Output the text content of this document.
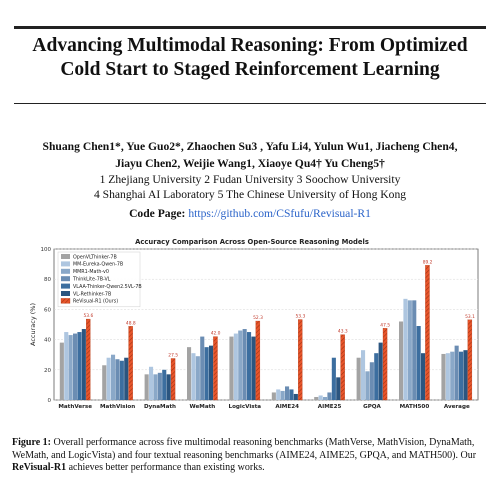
Advancing Multimodal Reasoning: From Optimized
Cold Start to Staged Reinforcement Learning
Shuang Chen1*, Yue Guo2*, Zhaochen Su3 , Yafu Li4, Yulun Wu1, Jiacheng Chen4,
Jiayu Chen2, Weijie Wang1, Xiaoye Qu4† Yu Cheng5†
1 Zhejiang University 2 Fudan University 3 Soochow University
4 Shanghai AI Laboratory 5 The Chinese University of Hong Kong
Code Page: https://github.com/CSfufu/Revisual-R1
Accuracy Comparison Across Open-Source Reasoning Models
0
20
40
60
80
100
Accuracy (%)	53.6
MathVerse
48.8
MathVision
27.5
DynaMath
42.0
WeMath
52.3
LogicVista
53.3
AIME24
43.3
AIME25
47.5
GPQA
89.2
MATH500
53.1
Average
OpenVLThinker-7B
MM-Eureka-Qwen-7B
MMR1-Math-v0
ThinkLite-7B-VL
VLAA-Thinker-Qwen2.5VL-7B
VL-Rethinker-7B
ReVisual-R1 (Ours)
Figure 1: Overall performance across five multimodal reasoning benchmarks (MathVerse, MathVision, DynaMath, WeMath, and LogicVista) and four textual reasoning benchmarks (AIME24, AIME25, GPQA, and MATH500). Our ReVisual-R1 achieves better performance than existing works.
